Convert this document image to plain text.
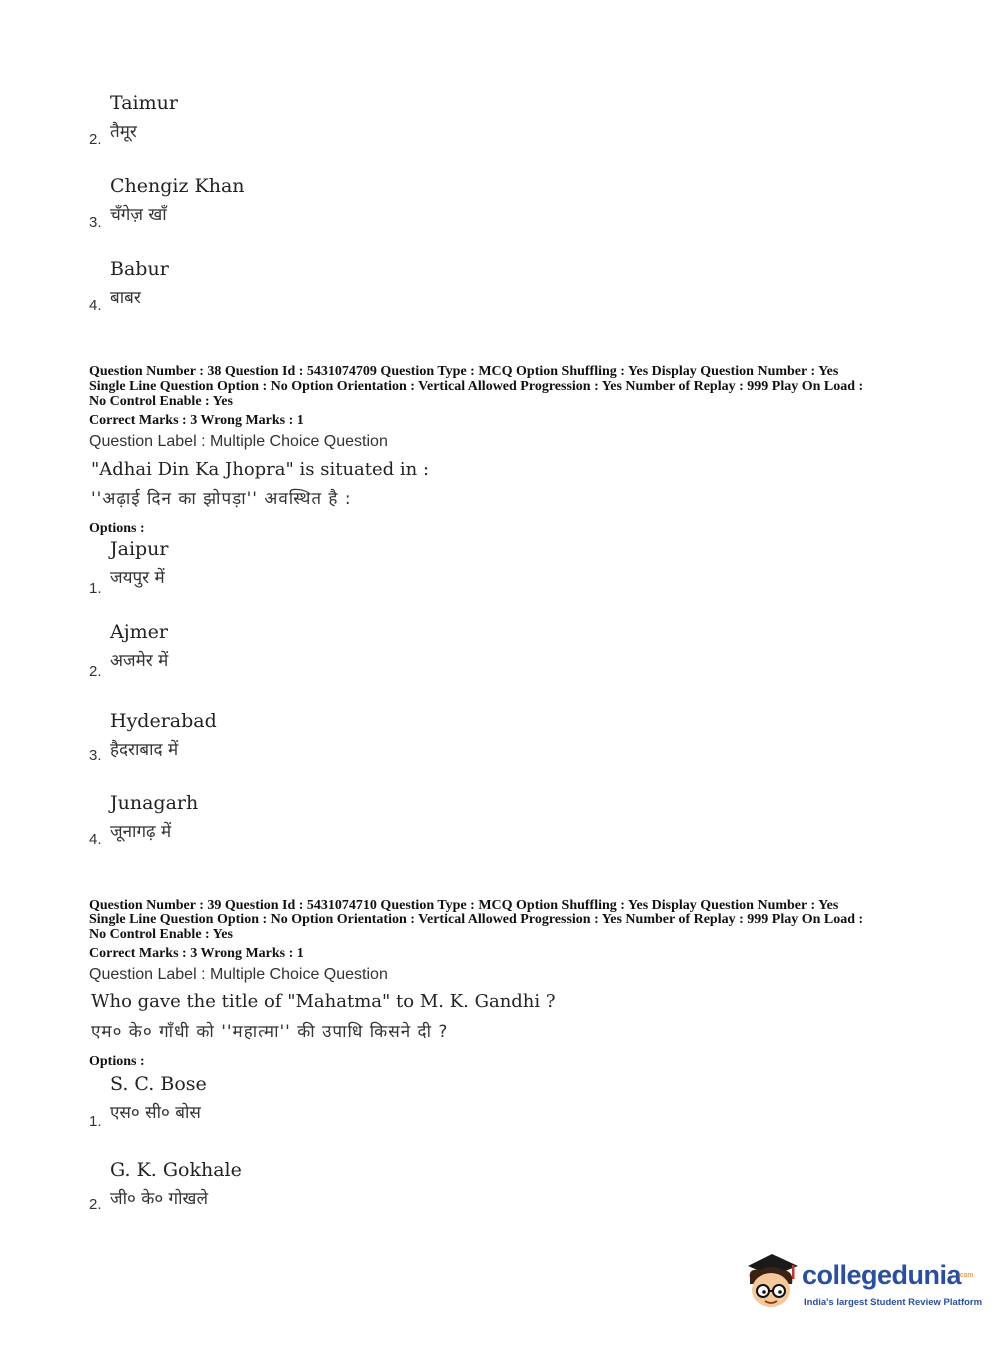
Taimur
तैमूर
2.
Chengiz Khan
चँगेज़ खाँ
3.
Babur
बाबर
4.
Question Number : 38 Question Id : 5431074709 Question Type : MCQ Option Shuffling : Yes Display Question Number : Yes
Single Line Question Option : No Option Orientation : Vertical Allowed Progression : Yes Number of Replay : 999 Play On Load :
No Control Enable : Yes
Correct Marks : 3 Wrong Marks : 1
Question Label : Multiple Choice Question
"Adhai Din Ka Jhopra" is situated in :
''अढ़ाई दिन का झोपड़ा'' अवस्थित है :
Options :
Jaipur
जयपुर में
1.
Ajmer
अजमेर में
2.
Hyderabad
हैदराबाद में
3.
Junagarh
जूनागढ़ में
4.
Question Number : 39 Question Id : 5431074710 Question Type : MCQ Option Shuffling : Yes Display Question Number : Yes
Single Line Question Option : No Option Orientation : Vertical Allowed Progression : Yes Number of Replay : 999 Play On Load :
No Control Enable : Yes
Correct Marks : 3 Wrong Marks : 1
Question Label : Multiple Choice Question
Who gave the title of "Mahatma" to M. K. Gandhi ?
एम० के० गाँधी को ''महात्मा'' की उपाधि किसने दी ?
Options :
S. C. Bose
एस० सी० बोस
1.
G. K. Gokhale
जी० के० गोखले
2.
collegedunia
.com
India's largest Student Review Platform
